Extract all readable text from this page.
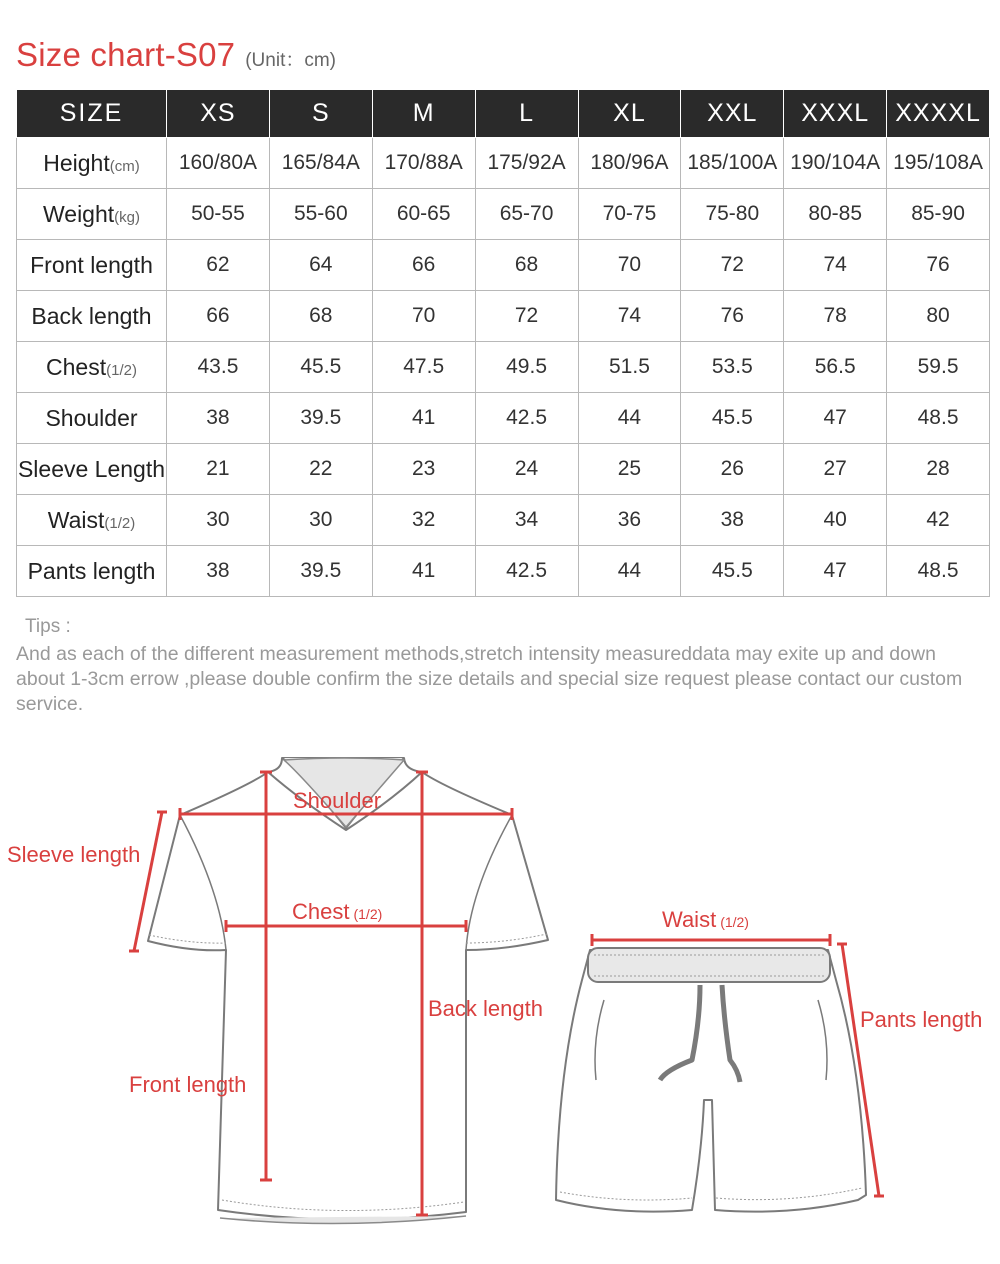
Size chart-S07 (Unit：cm)
SIZE	XS	S	M	L	XL	XXL	XXXL	XXXXL
Height(cm)	160/80A	165/84A	170/88A	175/92A	180/96A	185/100A	190/104A	195/108A
Weight(kg)	50-55	55-60	60-65	65-70	70-75	75-80	80-85	85-90
Front length	62	64	66	68	70	72	74	76
Back length	66	68	70	72	74	76	78	80
Chest(1/2)	43.5	45.5	47.5	49.5	51.5	53.5	56.5	59.5
Shoulder	38	39.5	41	42.5	44	45.5	47	48.5
Sleeve Length	21	22	23	24	25	26	27	28
Waist(1/2)	30	30	32	34	36	38	40	42
Pants length	38	39.5	41	42.5	44	45.5	47	48.5
Tips :
And as each of the different measurement methods,stretch intensity measureddata may exite up and down about 1-3cm errow ,please double confirm the size details and special size request please contact our custom service.
Shoulder
Sleeve length
Chest (1/2)
Back length
Front length
Waist (1/2)
Pants length
